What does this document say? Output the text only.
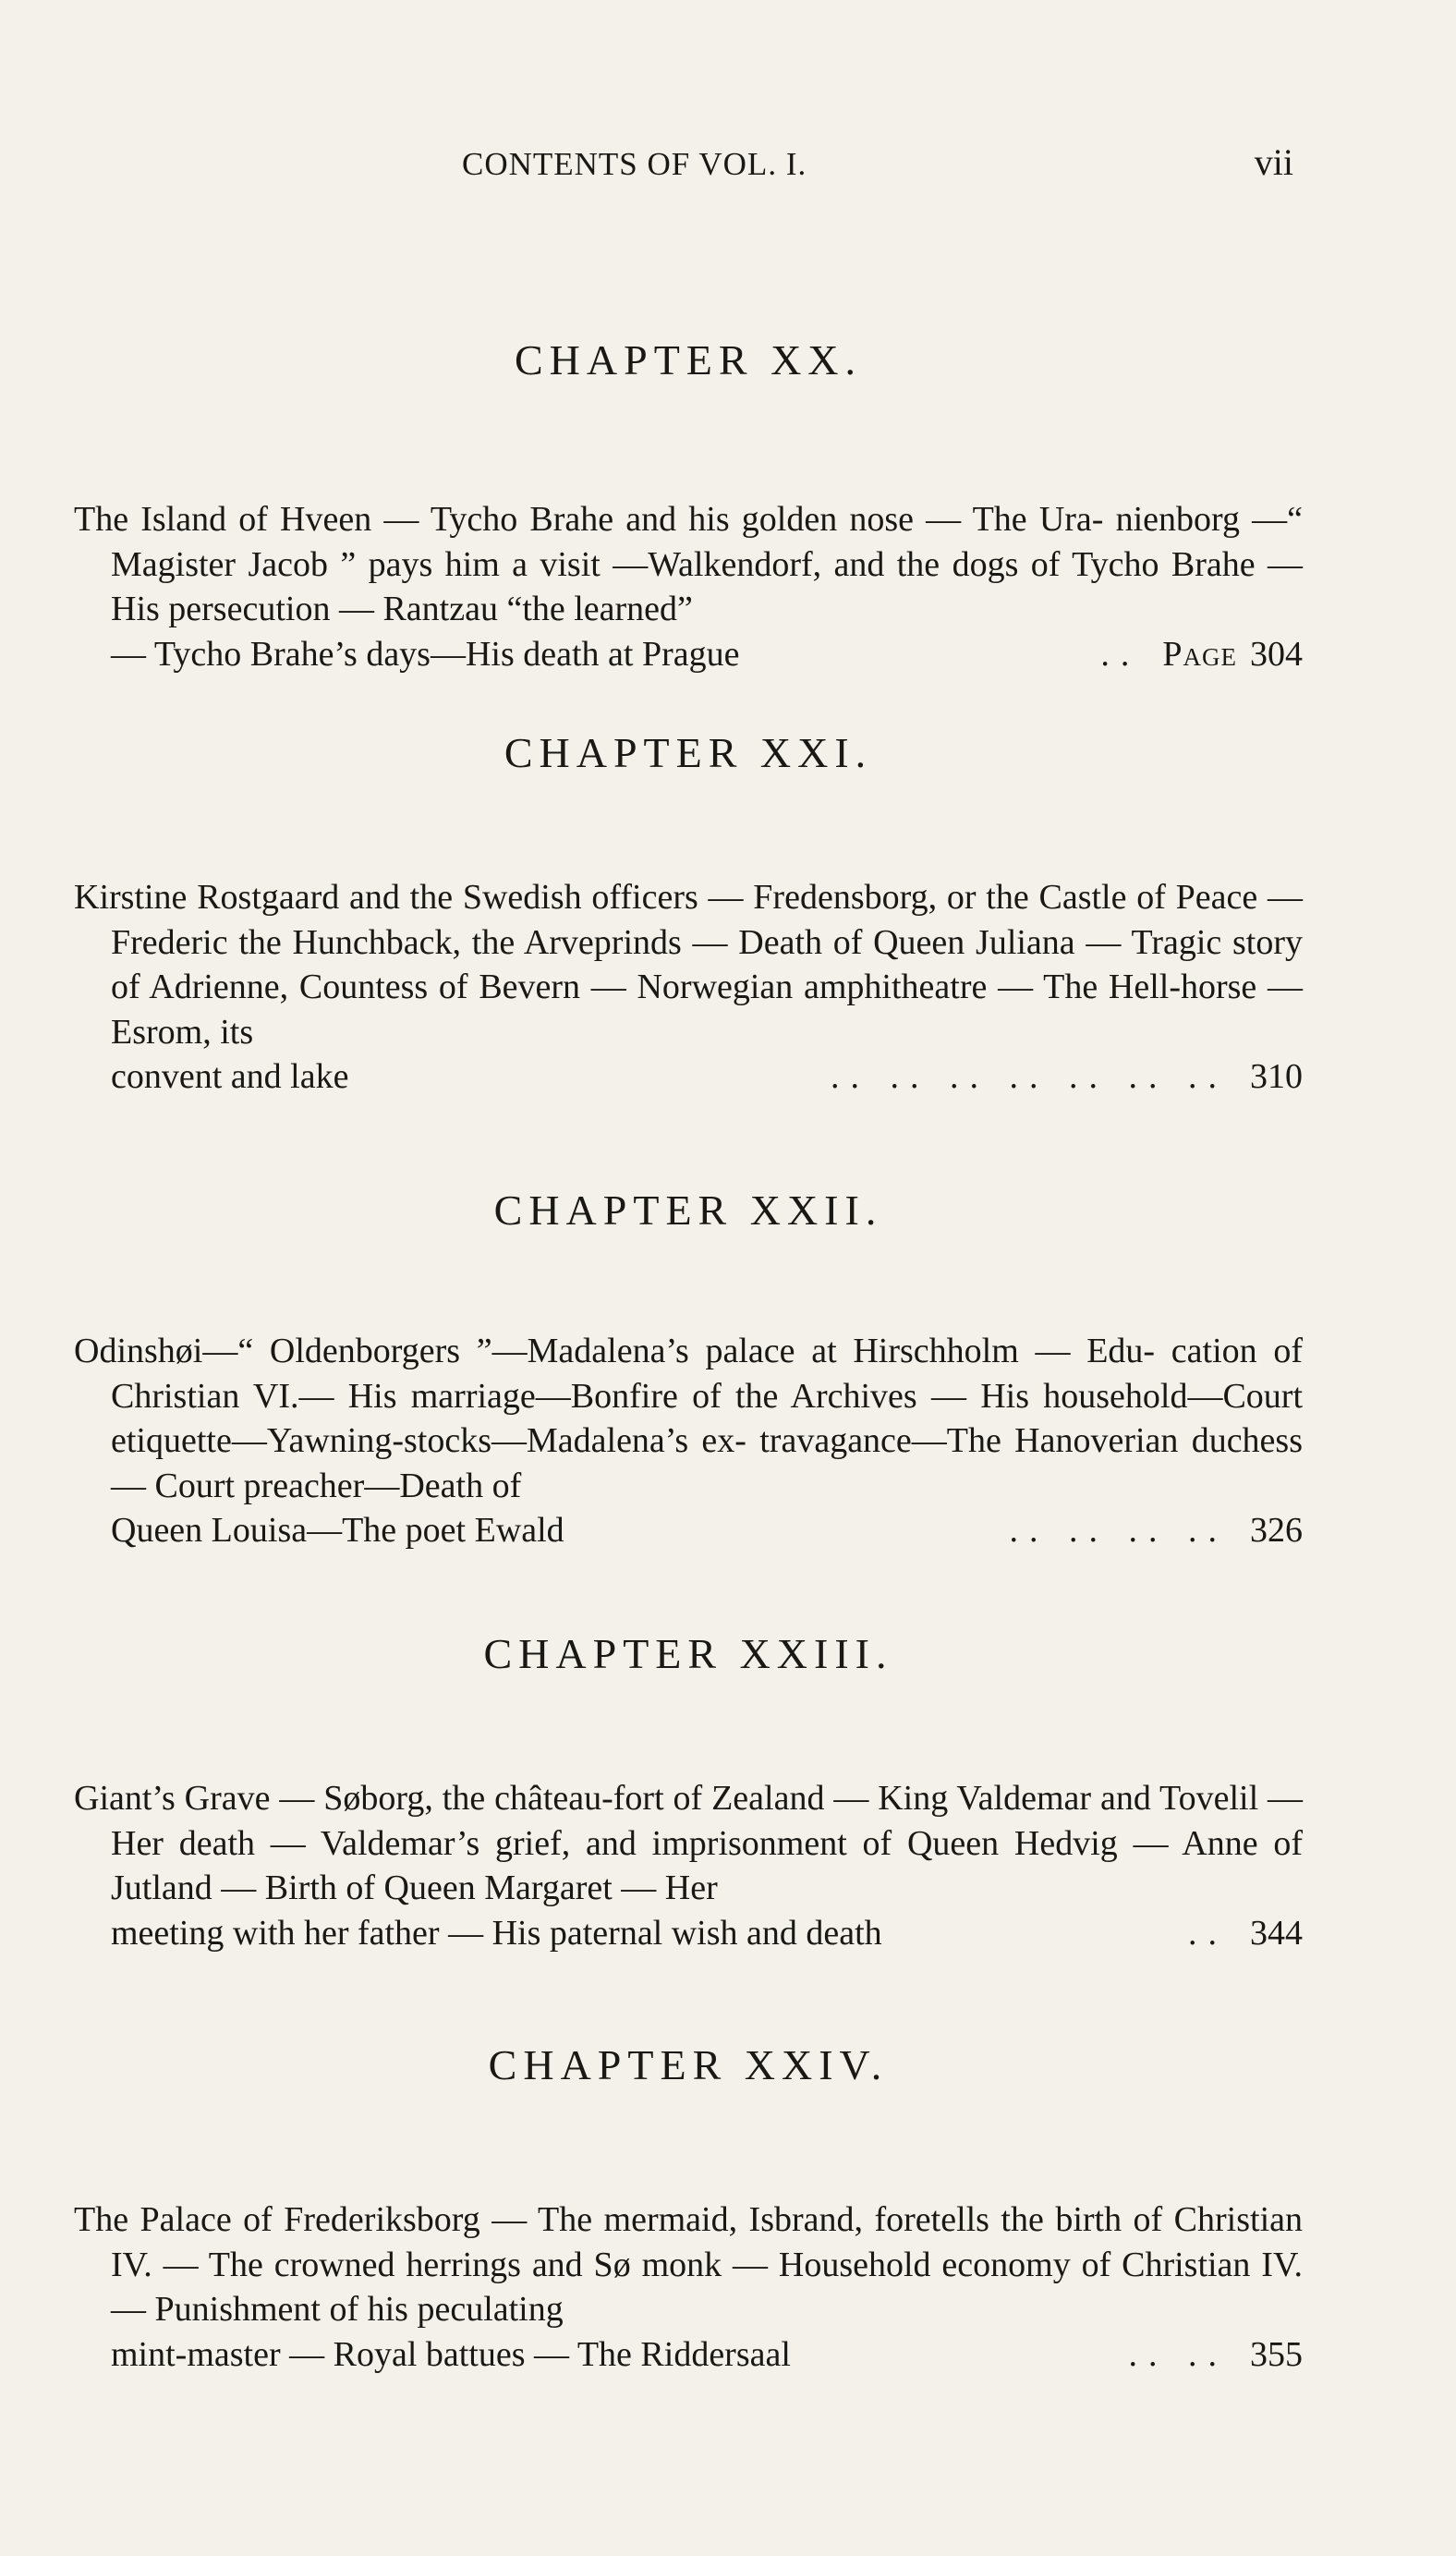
CONTENTS OF VOL. I.	vii
CHAPTER XX.

The Island of Hveen — Tycho Brahe and his golden nose — The Ura- nienborg —“ Magister Jacob ” pays him a visit —Walkendorf, and the dogs of Tycho Brahe — His persecution — Rantzau “the learned”

— Tycho Brahe’s days—His death at Prague	.. Page 304
CHAPTER XXI.

Kirstine Rostgaard and the Swedish officers — Fredensborg, or the Castle of Peace — Frederic the Hunchback, the Arveprinds — Death of Queen Juliana — Tragic story of Adrienne, Countess of Bevern — Norwegian amphitheatre — The Hell-horse — Esrom, its

convent and lake	.. .. .. .. .. .. .. 310
CHAPTER XXII.

Odinshøi—“ Oldenborgers ”—Madalena’s palace at Hirschholm — Edu- cation of Christian VI.— His marriage—Bonfire of the Archives — His household—Court etiquette—Yawning-stocks—Madalena’s ex- travagance—The Hanoverian duchess— Court preacher—Death of

Queen Louisa—The poet Ewald	.. .. .. .. 326
CHAPTER XXIII.

Giant’s Grave — Søborg, the château-fort of Zealand — King Valdemar and Tovelil — Her death — Valdemar’s grief, and imprisonment of Queen Hedvig — Anne of Jutland — Birth of Queen Margaret — Her

meeting with her father — His paternal wish and death	.. 344
CHAPTER XXIV.

The Palace of Frederiksborg — The mermaid, Isbrand, foretells the birth of Christian IV. — The crowned herrings and Sø monk — Household economy of Christian IV. — Punishment of his peculating

mint-master — Royal battues — The Riddersaal	.. .. 355
